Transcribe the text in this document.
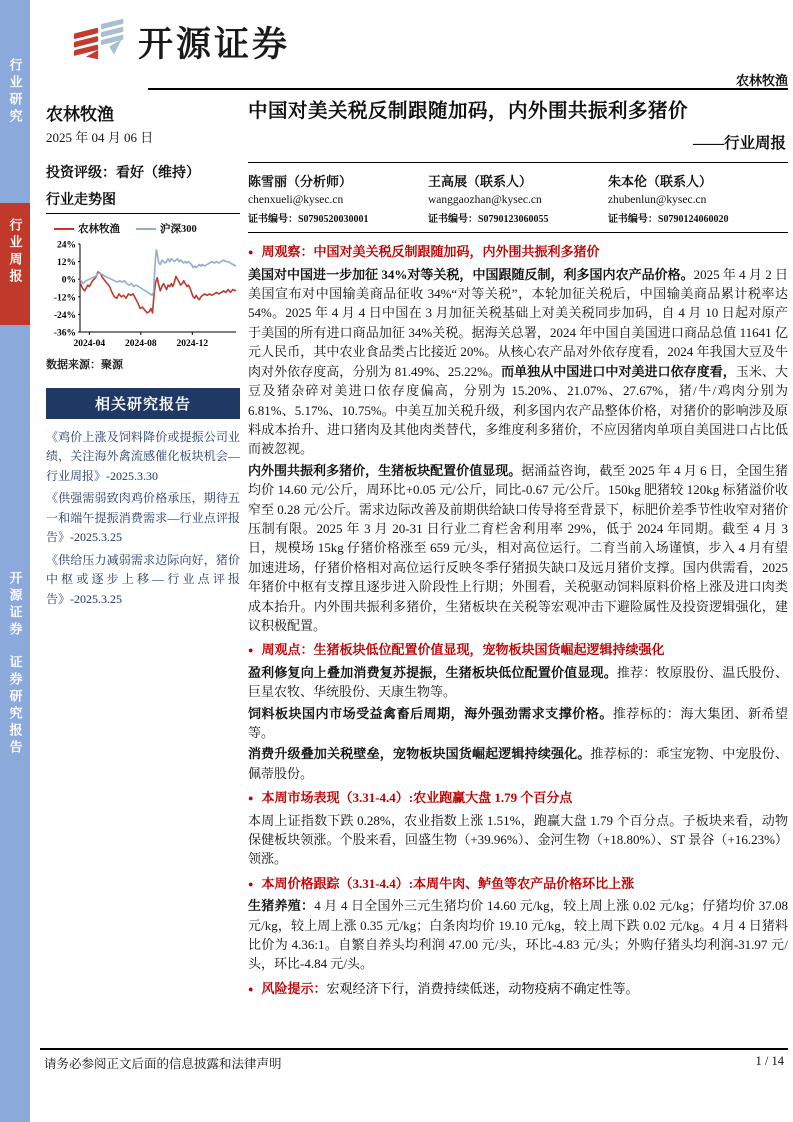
行业研究
行业周报
开源证券证券研究报告
开源证券
农林牧渔
农林牧渔
2025 年 04 月 06 日
投资评级：看好（维持）
行业走势图
农林牧渔	沪深300
24%
12%
0%
-12%
-24%
-36%
2024-04 2024-08 2024-12
数据来源：聚源
相关研究报告
《鸡价上涨及饲料降价或提振公司业绩，关注海外禽流感催化板块机会—行业周报》-2025.3.30
《供强需弱致肉鸡价格承压，期待五一和端午提振消费需求—行业点评报告》-2025.3.25
《供给压力减弱需求边际向好，猪价中枢或逐步上移—行业点评报告》-2025.3.25
中国对美关税反制跟随加码，内外围共振利多猪价
——行业周报
陈雪丽（分析师）
chenxueli@kysec.cn
证书编号：S0790520030001
王高展（联系人）
wanggaozhan@kysec.cn
证书编号：S0790123060055
朱本伦（联系人）
zhubenlun@kysec.cn
证书编号：S0790124060020
● 周观察：中国对美关税反制跟随加码，内外围共振利多猪价
美国对中国进一步加征 34%对等关税，中国跟随反制，利多国内农产品价格。2025 年 4 月 2 日美国宣布对中国输美商品征收 34%“对等关税”，本轮加征关税后，中国输美商品累计税率达 54%。2025 年 4 月 4 日中国在 3 月加征关税基础上对美关税同步加码，自 4 月 10 日起对原产于美国的所有进口商品加征 34%关税。据海关总署，2024 年中国自美国进口商品总值 11641 亿元人民币，其中农业食品类占比接近 20%。从核心农产品对外依存度看，2024 年我国大豆及牛肉对外依存度高，分别为 81.49%、25.22%。而单独从中国进口中对美进口依存度看，玉米、大豆及猪杂碎对美进口依存度偏高，分别为 15.20%、21.07%、27.67%，猪/牛/鸡肉分别为 6.81%、5.17%、10.75%。中美互加关税升级，利多国内农产品整体价格，对猪价的影响涉及原料成本抬升、进口猪肉及其他肉类替代，多维度利多猪价，不应因猪肉单项自美国进口占比低而被忽视。
内外围共振利多猪价，生猪板块配置价值显现。据涌益咨询，截至 2025 年 4 月 6 日，全国生猪均价 14.60 元/公斤，周环比+0.05 元/公斤，同比-0.67 元/公斤。150kg 肥猪较 120kg 标猪溢价收窄至 0.28 元/公斤。需求边际改善及前期供给缺口传导将至背景下，标肥价差季节性收窄对猪价压制有限。2025 年 3 月 20-31 日行业二育栏舍利用率 29%，低于 2024 年同期。截至 4 月 3 日，规模场 15kg 仔猪价格涨至 659 元/头，相对高位运行。二育当前入场谨慎，步入 4 月有望加速进场，仔猪价格相对高位运行反映冬季仔猪损失缺口及远月猪价支撑。国内供需看，2025 年猪价中枢有支撑且逐步进入阶段性上行期；外围看，关税驱动饲料原料价格上涨及进口肉类成本抬升。内外围共振利多猪价，生猪板块在关税等宏观冲击下避险属性及投资逻辑强化，建议积极配置。
● 周观点：生猪板块低位配置价值显现，宠物板块国货崛起逻辑持续强化
盈利修复向上叠加消费复苏提振，生猪板块低位配置价值显现。推荐：牧原股份、温氏股份、巨星农牧、华统股份、天康生物等。
饲料板块国内市场受益禽畜后周期，海外强劲需求支撑价格。推荐标的：海大集团、新希望等。
消费升级叠加关税壁垒，宠物板块国货崛起逻辑持续强化。推荐标的：乖宝宠物、中宠股份、佩蒂股份。
● 本周市场表现（3.31-4.4）:农业跑赢大盘 1.79 个百分点
本周上证指数下跌 0.28%，农业指数上涨 1.51%，跑赢大盘 1.79 个百分点。子板块来看，动物保健板块领涨。个股来看，回盛生物（+39.96%）、金河生物（+18.80%）、ST 景谷（+16.23%）领涨。
● 本周价格跟踪（3.31-4.4）:本周牛肉、鲈鱼等农产品价格环比上涨
生猪养殖：4 月 4 日全国外三元生猪均价 14.60 元/kg，较上周上涨 0.02 元/kg；仔猪均价 37.08 元/kg，较上周上涨 0.35 元/kg；白条肉均价 19.10 元/kg，较上周下跌 0.02 元/kg。4 月 4 日猪料比价为 4.36:1。自繁自养头均利润 47.00 元/头，环比-4.83 元/头；外购仔猪头均利润-31.97 元/头，环比-4.84 元/头。
● 风险提示：宏观经济下行，消费持续低迷，动物疫病不确定性等。
请务必参阅正文后面的信息披露和法律声明	1 / 14
